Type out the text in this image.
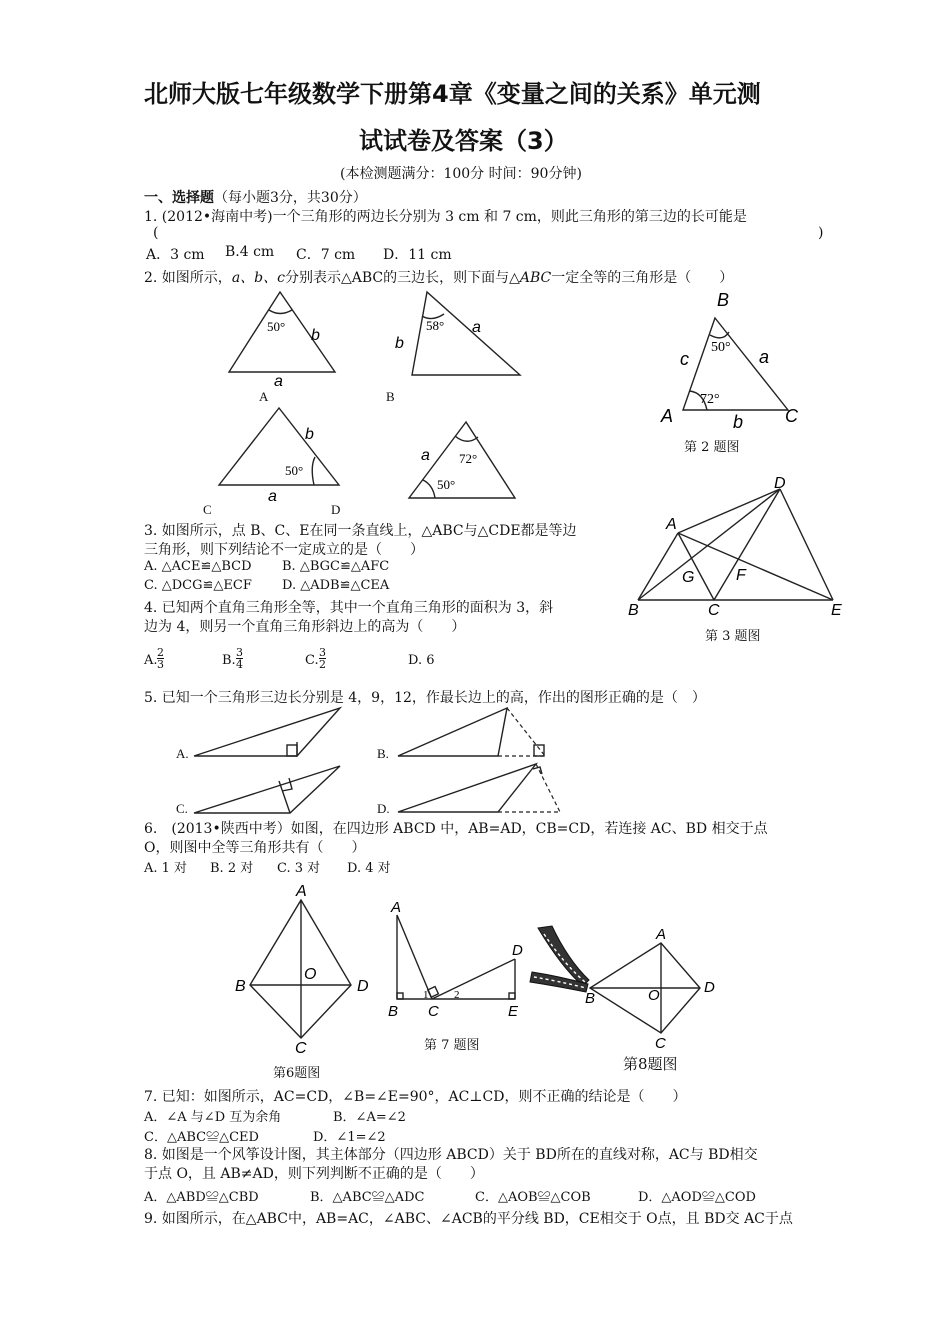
北师大版七年级数学下册第4章《变量之间的关系》单元测
试试卷及答案（3）
(本检测题满分：100分 时间：90分钟)
一、选择题（每小题3分，共30分）
1. (2012•海南中考)一个三角形的两边长分别为 3 cm 和 7 cm，则此三角形的第三边的长可能是
(	)
A．3 cm B.4 cm C．7 cm D．11 cm
2. 如图所示，a、b、c分别表示△ABC的三边长，则下面与△ABC一定全等的三角形是（　　）
50°
b
a
A
58°
b
a
B
50°
b
a
C
72°
50°
a
D
B
A	C
c	a
b
50°
72°
第 2 题图
3. 如图所示，点 B、C、E在同一条直线上，△ABC与△CDE都是等边
三角形，则下列结论不一定成立的是（　　）
A. △ACE≌△BCD B. △BGC≌△AFC
C. △DCG≌△ECF D. △ADB≌△CEA
A
B	C
D
E
F
G
第 3 题图
4. 已知两个直角三角形全等，其中一个直角三角形的面积为 3，斜
边为 4，则另一个直角三角形斜边上的高为（　　）
A. $\frac{2}{3}$	B. $\frac{3}{4}$	C. $\frac{3}{2}$	D. 6
5. 已知一个三角形三边长分别是 4，9，12，作最长边上的高，作出的图形正确的是（　）
A.	B.
C.	D.
6.　(2013•陕西中考）如图，在四边形 ABCD 中，AB=AD，CB=CD，若连接 AC、BD 相交于点
O，则图中全等三角形共有（　　）
A. 1 对 B. 2 对 C. 3 对 D. 4 对
A
B
C
D
O
第6题图
A
B C
D
E
1 2
第 7 题图
A
B
C
D
O
第8题图
7. 已知：如图所示，AC=CD，∠B=∠E=90°，AC⊥CD，则不正确的结论是（　　）
A．∠A 与∠D 互为余角	B．∠A=∠2
C．△ABC≌△CED	D．∠1=∠2
8. 如图是一个风筝设计图，其主体部分（四边形 ABCD）关于 BD所在的直线对称，AC与 BD相交
于点 O，且 AB≠AD，则下列判断不正确的是（　　）
A．△ABD≌△CBD	B．△ABC≌△ADC	C．△AOB≌△COB	D．△AOD≌△COD
9. 如图所示，在△ABC中，AB=AC，∠ABC、∠ACB的平分线 BD，CE相交于 O点，且 BD交 AC于点
